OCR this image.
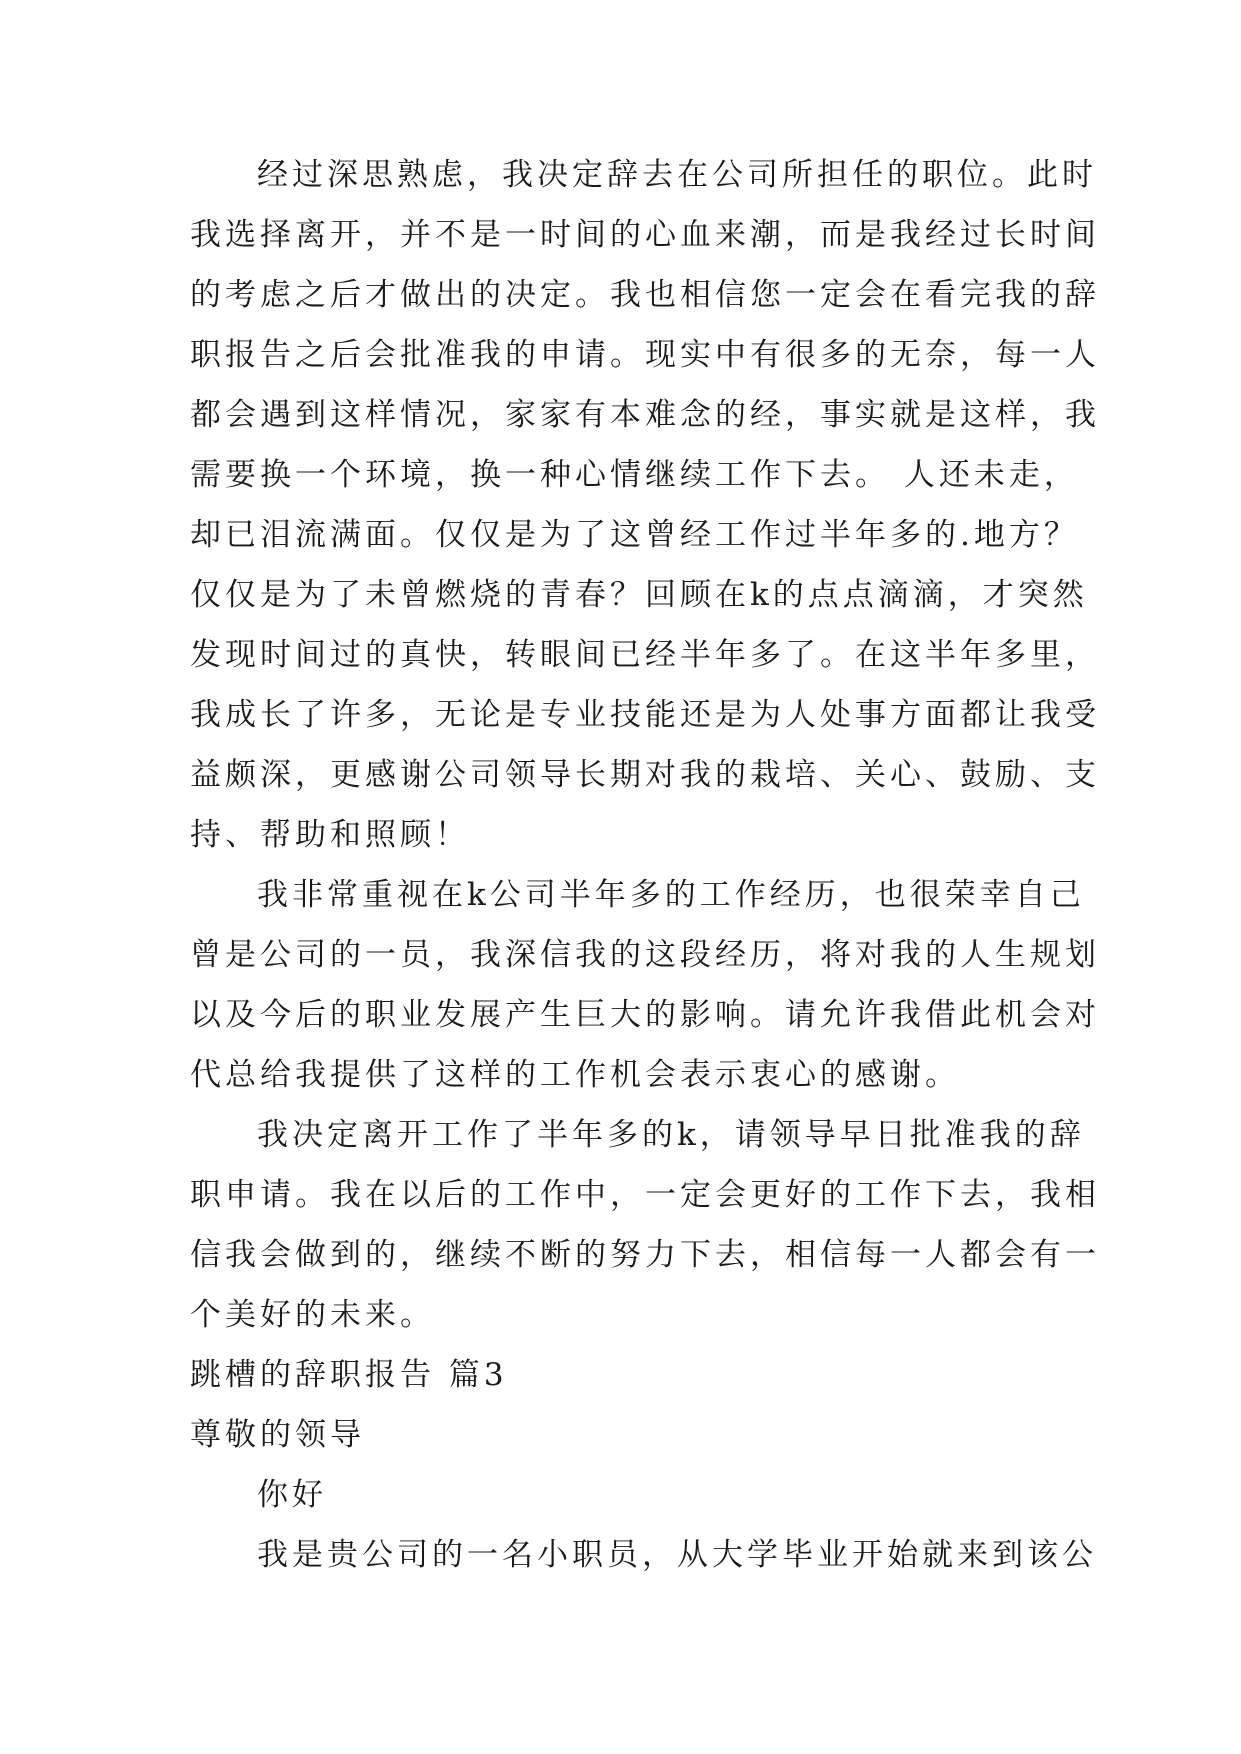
经过深思熟虑，我决定辞去在公司所担任的职位。此时
我选择离开，并不是一时间的心血来潮，而是我经过长时间
的考虑之后才做出的决定。我也相信您一定会在看完我的辞
职报告之后会批准我的申请。现实中有很多的无奈，每一人
都会遇到这样情况，家家有本难念的经，事实就是这样，我
需要换一个环境，换一种心情继续工作下去。 人还未走，
却已泪流满面。仅仅是为了这曾经工作过半年多的.地方？
仅仅是为了未曾燃烧的青春？回顾在k的点点滴滴，才突然
发现时间过的真快，转眼间已经半年多了。在这半年多里，
我成长了许多，无论是专业技能还是为人处事方面都让我受
益颇深，更感谢公司领导长期对我的栽培、关心、鼓励、支
持、帮助和照顾！
我非常重视在k公司半年多的工作经历，也很荣幸自己
曾是公司的一员，我深信我的这段经历，将对我的人生规划
以及今后的职业发展产生巨大的影响。请允许我借此机会对
代总给我提供了这样的工作机会表示衷心的感谢。
我决定离开工作了半年多的k，请领导早日批准我的辞
职申请。我在以后的工作中，一定会更好的工作下去，我相
信我会做到的，继续不断的努力下去，相信每一人都会有一
个美好的未来。
跳槽的辞职报告 篇3
尊敬的领导
你好
我是贵公司的一名小职员，从大学毕业开始就来到该公
